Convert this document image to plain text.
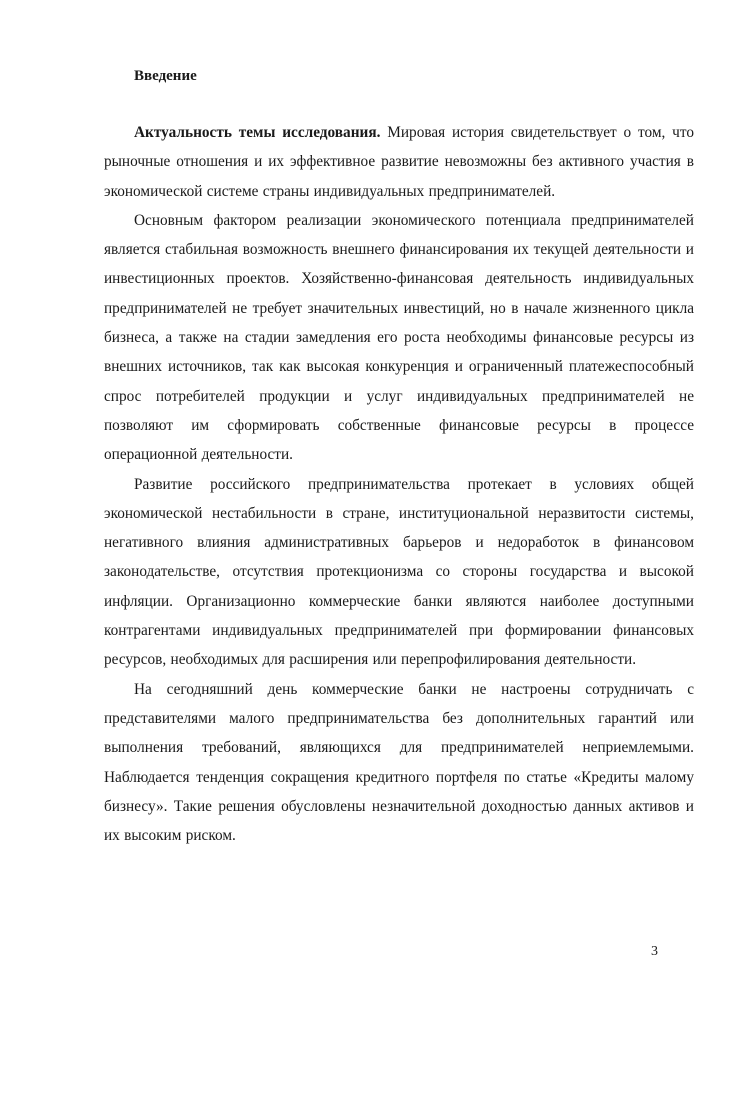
Введение

Актуальность темы исследования. Мировая история свидетельствует о том, что рыночные отношения и их эффективное развитие невозможны без активного участия в экономической системе страны индивидуальных предпринимателей.

Основным фактором реализации экономического потенциала предпринимателей является стабильная возможность внешнего финансирования их текущей деятельности и инвестиционных проектов. Хозяйственно-финансовая деятельность индивидуальных предпринимателей не требует значительных инвестиций, но в начале жизненного цикла бизнеса, а также на стадии замедления его роста необходимы финансовые ресурсы из внешних источников, так как высокая конкуренция и ограниченный платежеспособный спрос потребителей продукции и услуг индивидуальных предпринимателей не позволяют им сформировать собственные финансовые ресурсы в процессе операционной деятельности.

Развитие российского предпринимательства протекает в условиях общей экономической нестабильности в стране, институциональной неразвитости системы, негативного влияния административных барьеров и недоработок в финансовом законодательстве, отсутствия протекционизма со стороны государства и высокой инфляции. Организационно коммерческие банки являются наиболее доступными контрагентами индивидуальных предпринимателей при формировании финансовых ресурсов, необходимых для расширения или перепрофилирования деятельности.

На сегодняшний день коммерческие банки не настроены сотрудничать с представителями малого предпринимательства без дополнительных гарантий или выполнения требований, являющихся для предпринимателей неприемлемыми. Наблюдается тенденция сокращения кредитного портфеля по статье «Кредиты малому бизнесу». Такие решения обусловлены незначительной доходностью данных активов и их высоким риском.

3
